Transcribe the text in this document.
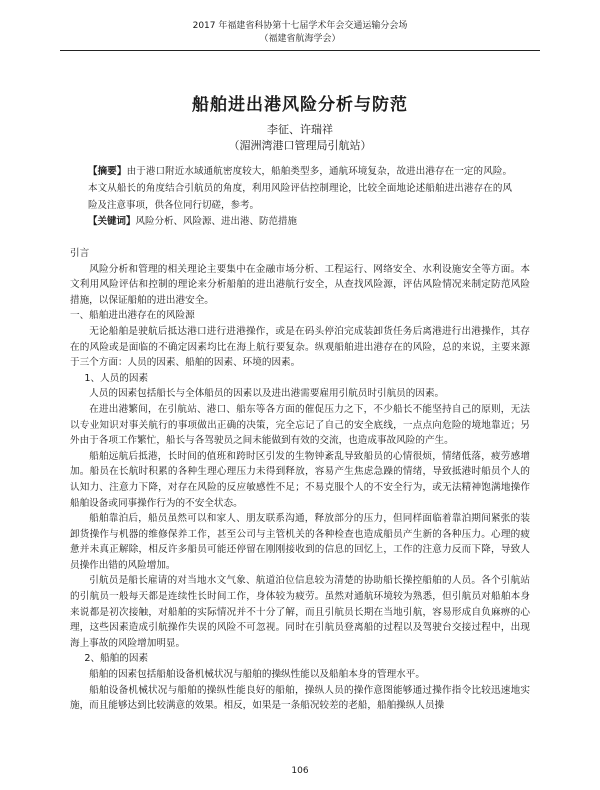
2017 年福建省科协第十七届学术年会交通运输分会场
（福建省航海学会）
船舶进出港风险分析与防范
李征、许瑞祥
（湄洲湾港口管理局引航站）
【摘要】由于港口附近水域通航密度较大，船舶类型多，通航环境复杂，故进出港存在一定的风险。本文从船长的角度结合引航员的角度，利用风险评估控制理论，比较全面地论述船舶进出港存在的风险及注意事项，供各位同行切磋，参考。
【关键词】风险分析、风险源、进出港、防范措施

引言

风险分析和管理的相关理论主要集中在金融市场分析、工程运行、网络安全、水利设施安全等方面。本文利用风险评估和控制的理论来分析船舶的进出港航行安全，从查找风险源，评估风险情况来制定防范风险措施，以保证船舶的进出港安全。

一、船舶进出港存在的风险源

无论船舶是驶航后抵达港口进行进港操作，或是在码头停泊完成装卸货任务后离港进行出港操作，其存在的风险或是面临的不确定因素均比在海上航行要复杂。纵观船舶进出港存在的风险，总的来说，主要来源于三个方面：人员的因素、船舶的因素、环境的因素。

1、人员的因素

人员的因素包括船长与全体船员的因素以及进出港需要雇用引航员时引航员的因素。

在进出港繁间，在引航站、港口、船东等各方面的催促压力之下，不少船长不能坚持自己的原则，无法以专业知识对事关航行的事项做出正确的决策，完全忘记了自己的安全底线，一点点向危险的境地靠近；另外由于各项工作繁忙，船长与各驾驶员之间未能做到有效的交流，也造成事故风险的产生。

船舶远航后抵港，长时间的值班和跨时区引发的生物钟紊乱导致船员的心情很烦，情绪低落，疲劳感增加。船员在长航时积累的各种生理心理压力未得到释放，容易产生焦虑急躁的情绪，导致抵港时船员个人的认知力、注意力下降，对存在风险的反应敏感性不足；不易克服个人的不安全行为，或无法精神饱满地操作船舶设备或同事操作行为的不安全状态。

船舶靠泊后，船员虽然可以和家人、朋友联系沟通，释放部分的压力，但同样面临着靠泊期间紧张的装卸货操作与机器的维修保养工作，甚至公司与主管机关的各种检查也造成船员产生新的各种压力。心理的疲惫并未真正解除，相反许多船员可能还停留在刚刚接收到的信息的回忆上，工作的注意力反而下降，导致人员操作出错的风险增加。

引航员是船长雇请的对当地水文气象、航道泊位信息较为清楚的协助船长操控船舶的人员。各个引航站的引航员一般每天都是连续性长时间工作，身体较为疲劳。虽然对通航环境较为熟悉，但引航员对船舶本身来说都是初次接触，对船舶的实际情况并不十分了解，而且引航员长期在当地引航，容易形成自负麻痹的心理，这些因素造成引航操作失误的风险不可忽视。同时在引航员登离船的过程以及驾驶台交接过程中，出现海上事故的风险增加明显。

2、船舶的因素

船舶的因素包括船舶设备机械状况与船舶的操纵性能以及船舶本身的管理水平。

船舶设备机械状况与船舶的操纵性能良好的船舶，操纵人员的操作意图能够通过操作指令比较迅速地实施，而且能够达到比较满意的效果。相反，如果是一条船况较差的老船，船舶操纵人员操

106
